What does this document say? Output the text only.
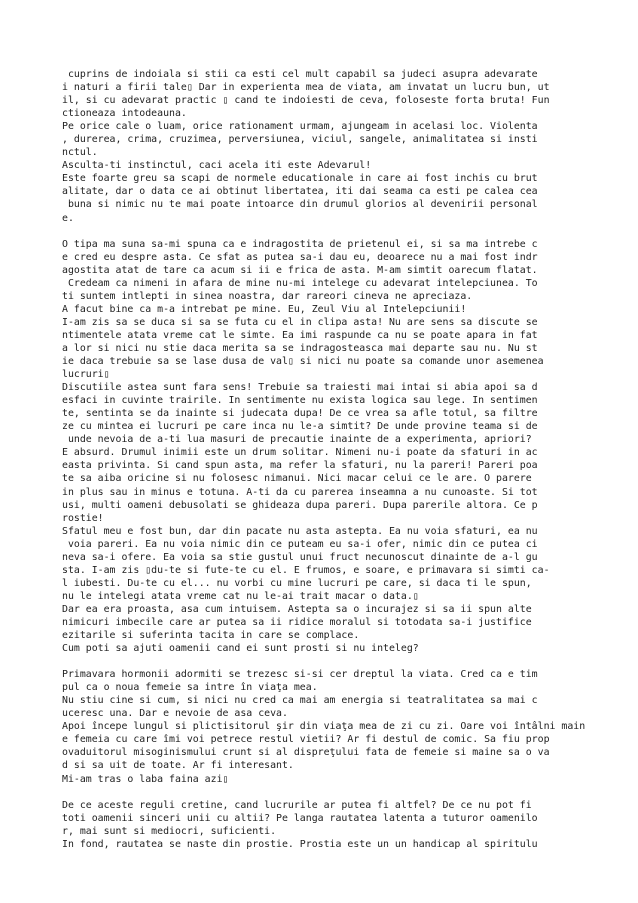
cuprins de indoiala si stii ca esti cel mult capabil sa judeci asupra adevarate
i naturi a firii tale▯ Dar in experienta mea de viata, am invatat un lucru bun, ut
il, si cu adevarat practic ▯ cand te indoiesti de ceva, foloseste forta bruta! Fun
ctioneaza intodeauna.
Pe orice cale o luam, orice rationament urmam, ajungeam in acelasi loc. Violenta
, durerea, crima, cruzimea, perversiunea, viciul, sangele, animalitatea si insti
nctul.
Asculta-ti instinctul, caci acela iti este Adevarul!
Este foarte greu sa scapi de normele educationale in care ai fost inchis cu brut
alitate, dar o data ce ai obtinut libertatea, iti dai seama ca esti pe calea cea
buna si nimic nu te mai poate intoarce din drumul glorios al devenirii personal
e.
O tipa ma suna sa-mi spuna ca e indragostita de prietenul ei, si sa ma intrebe c
e cred eu despre asta. Ce sfat as putea sa-i dau eu, deoarece nu a mai fost indr
agostita atat de tare ca acum si ii e frica de asta. M-am simtit oarecum flatat.
Credeam ca nimeni in afara de mine nu-mi intelege cu adevarat intelepciunea. To
ti suntem intlepti in sinea noastra, dar rareori cineva ne apreciaza.
A facut bine ca m-a intrebat pe mine. Eu, Zeul Viu al Intelepciunii!
I-am zis sa se duca si sa se futa cu el in clipa asta! Nu are sens sa discute se
ntimentele atata vreme cat le simte. Ea imi raspunde ca nu se poate apara in fat
a lor si nici nu stie daca merita sa se indragosteasca mai departe sau nu. Nu st
ie daca trebuie sa se lase dusa de val▯ si nici nu poate sa comande unor asemenea
lucruri▯
Discutiile astea sunt fara sens! Trebuie sa traiesti mai intai si abia apoi sa d
esfaci in cuvinte trairile. In sentimente nu exista logica sau lege. In sentimen
te, sentinta se da inainte si judecata dupa! De ce vrea sa afle totul, sa filtre
ze cu mintea ei lucruri pe care inca nu le-a simtit? De unde provine teama si de
unde nevoia de a-ti lua masuri de precautie inainte de a experimenta, apriori?
E absurd. Drumul inimii este un drum solitar. Nimeni nu-i poate da sfaturi in ac
easta privinta. Si cand spun asta, ma refer la sfaturi, nu la pareri! Pareri poa
te sa aiba oricine si nu folosesc nimanui. Nici macar celui ce le are. O parere
in plus sau in minus e totuna. A-ti da cu parerea inseamna a nu cunoaste. Si tot
usi, multi oameni debusolati se ghideaza dupa pareri. Dupa parerile altora. Ce p
rostie!
Sfatul meu e fost bun, dar din pacate nu asta astepta. Ea nu voia sfaturi, ea nu
voia pareri. Ea nu voia nimic din ce puteam eu sa-i ofer, nimic din ce putea ci
neva sa-i ofere. Ea voia sa stie gustul unui fruct necunoscut dinainte de a-l gu
sta. I-am zis ▯du-te si fute-te cu el. E frumos, e soare, e primavara si simti ca-
l iubesti. Du-te cu el... nu vorbi cu mine lucruri pe care, si daca ti le spun,
nu le intelegi atata vreme cat nu le-ai trait macar o data.▯
Dar ea era proasta, asa cum intuisem. Astepta sa o incurajez si sa ii spun alte
nimicuri imbecile care ar putea sa ii ridice moralul si totodata sa-i justifice
ezitarile si suferinta tacita in care se complace.
Cum poti sa ajuti oamenii cand ei sunt prosti si nu inteleg?
Primavara hormonii adormiti se trezesc si-si cer dreptul la viata. Cred ca e tim
pul ca o noua femeie sa intre în viaţa mea.
Nu stiu cine si cum, si nici nu cred ca mai am energia si teatralitatea sa mai c
uceresc una. Dar e nevoie de asa ceva.
Apoi începe lungul si plictisitorul şir din viaţa mea de zi cu zi. Oare voi întâlni main
e femeia cu care îmi voi petrece restul vietii? Ar fi destul de comic. Sa fiu prop
ovaduitorul misoginismului crunt si al dispreţului fata de femeie si maine sa o va
d si sa uit de toate. Ar fi interesant.
Mi-am tras o laba faina azi▯
De ce aceste reguli cretine, cand lucrurile ar putea fi altfel? De ce nu pot fi
toti oamenii sinceri unii cu altii? Pe langa rautatea latenta a tuturor oamenilo
r, mai sunt si mediocri, suficienti.
In fond, rautatea se naste din prostie. Prostia este un un handicap al spiritulu
